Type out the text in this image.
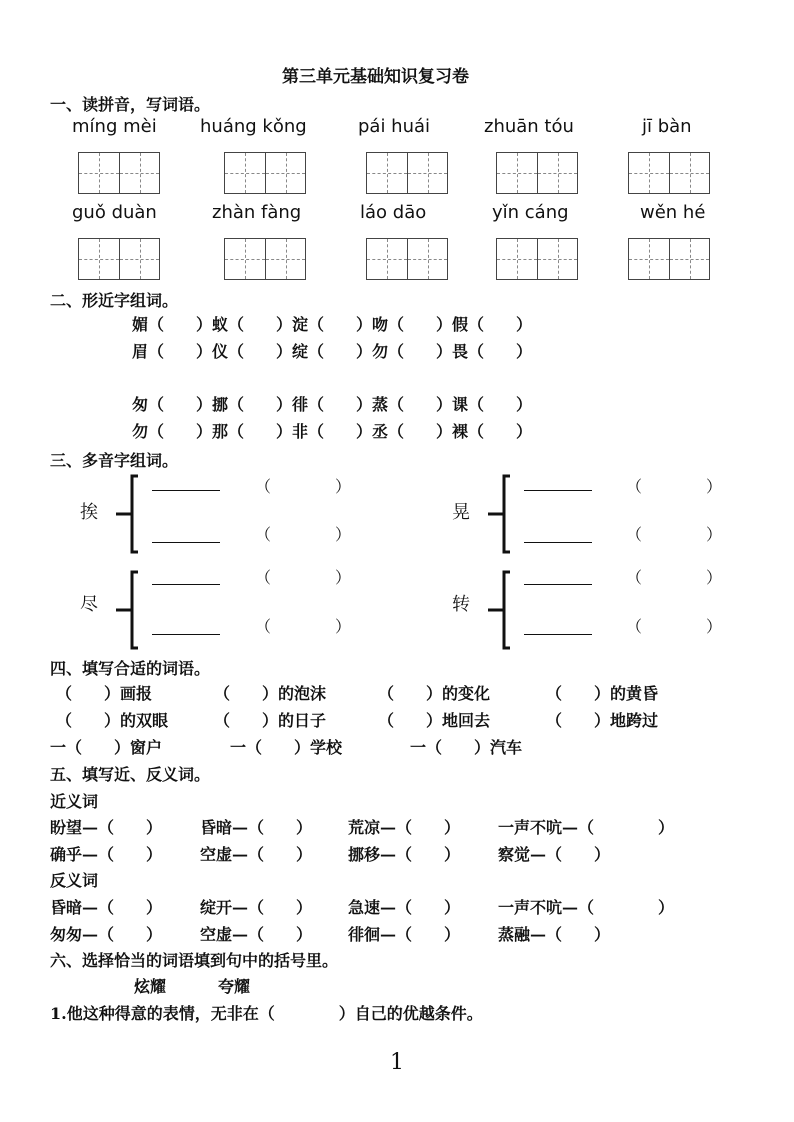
第三单元基础知识复习卷
一、读拼音，写词语。
míng mèi huáng kǒng	pái huái	zhuān tóu	jī bàn
guǒ duàn	zhàn fàng	láo dāo	yǐn cáng	wěn hé
二、形近字组词。
媚（　　）蚁（　　）淀（　　）吻（　　）假（　　）
眉（　　）仪（　　）绽（　　）勿（　　）畏（　　）
匆（　　）挪（　　）徘（　　）蒸（　　）课（　　）
勿（　　）那（　　）非（　　）丞（　　）裸（　　）
三、多音字组词。
挨
（　　　　）
（　　　　）
晃
（　　　　）
（　　　　）
尽
（　　　　）
（　　　　）
转
（　　　　）
（　　　　）
四、填写合适的词语。
（　　）画报	（　　）的泡沫	（　　）的变化	（　　）的黄昏
（　　）的双眼	（　　）的日子	（　　）地回去	（　　）地跨过
一（　　）窗户	一（　　）学校	一（　　）汽车
五、填写近、反义词。
近义词
盼望—（　　） 昏暗—（　　） 荒凉—（　　） 一声不吭—（　　　　）
确乎—（　　） 空虚—（　　） 挪移—（　　） 察觉—（　　）
反义词
昏暗—（　　） 绽开—（　　） 急速—（　　） 一声不吭—（　　　　）
匆匆—（　　） 空虚—（　　） 徘徊—（　　） 蒸融—（　　）
六、选择恰当的词语填到句中的括号里。
炫耀	夸耀
1.他这种得意的表情，无非在（　　　　）自己的优越条件。
1
